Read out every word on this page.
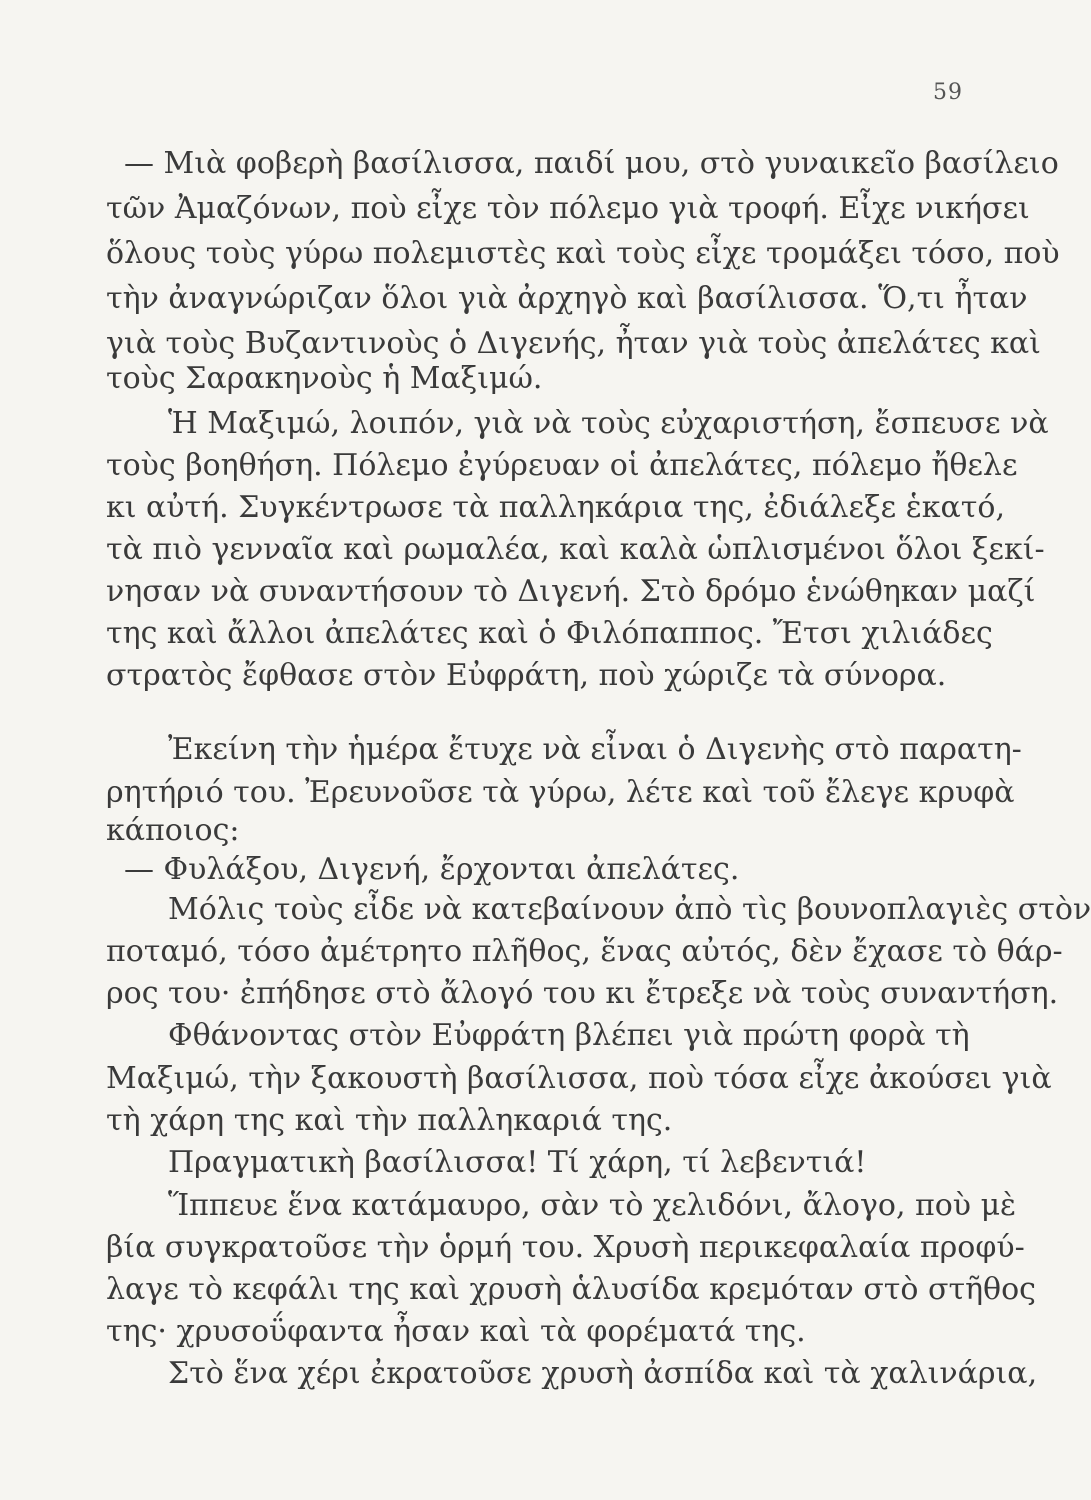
59
— Μιὰ φοβερὴ βασίλισσα, παιδί μου, στὸ γυναικεῖο βασίλειο
τῶν Ἀμαζόνων, ποὺ εἶχε τὸν πόλεμο γιὰ τροφή. Εἶχε νικήσει
ὅλους τοὺς γύρω πολεμιστὲς καὶ τοὺς εἶχε τρομάξει τόσο, ποὺ
τὴν ἀναγνώριζαν ὅλοι γιὰ ἀρχηγὸ καὶ βασίλισσα. Ὅ,τι ἦταν
γιὰ τοὺς Βυζαντινοὺς ὁ Διγενής, ἦταν γιὰ τοὺς ἀπελάτες καὶ
τοὺς Σαρακηνοὺς ἡ Μαξιμώ.
Ἡ Μαξιμώ, λοιπόν, γιὰ νὰ τοὺς εὐχαριστήση, ἔσπευσε νὰ
τοὺς βοηθήση. Πόλεμο ἐγύρευαν οἱ ἀπελάτες, πόλεμο ἤθελε
κι αὐτή. Συγκέντρωσε τὰ παλληκάρια της, ἐδιάλεξε ἑκατό,
τὰ πιὸ γενναῖα καὶ ρωμαλέα, καὶ καλὰ ὡπλισμένοι ὅλοι ξεκί-
νησαν νὰ συναντήσουν τὸ Διγενή. Στὸ δρόμο ἑνώθηκαν μαζί
της καὶ ἄλλοι ἀπελάτες καὶ ὁ Φιλόπαππος. Ἔτσι χιλιάδες
στρατὸς ἔφθασε στὸν Εὐφράτη, ποὺ χώριζε τὰ σύνορα.
Ἐκείνη τὴν ἡμέρα ἔτυχε νὰ εἶναι ὁ Διγενὴς στὸ παρατη-
ρητήριό του. Ἐρευνοῦσε τὰ γύρω, λέτε καὶ τοῦ ἔλεγε κρυφὰ
κάποιος:
— Φυλάξου, Διγενή, ἔρχονται ἀπελάτες.
Μόλις τοὺς εἶδε νὰ κατεβαίνουν ἀπὸ τὶς βουνοπλαγιὲς στὸν
ποταμό, τόσο ἀμέτρητο πλῆθος, ἕνας αὐτός, δὲν ἔχασε τὸ θάρ-
ρος του· ἐπήδησε στὸ ἄλογό του κι ἔτρεξε νὰ τοὺς συναντήση.
Φθάνοντας στὸν Εὐφράτη βλέπει γιὰ πρώτη φορὰ τὴ
Μαξιμώ, τὴν ξακουστὴ βασίλισσα, ποὺ τόσα εἶχε ἀκούσει γιὰ
τὴ χάρη της καὶ τὴν παλληκαριά της.
Πραγματικὴ βασίλισσα! Τί χάρη, τί λεβεντιά!
Ἵππευε ἕνα κατάμαυρο, σὰν τὸ χελιδόνι, ἄλογο, ποὺ μὲ
βία συγκρατοῦσε τὴν ὁρμή του. Χρυσὴ περικεφαλαία προφύ-
λαγε τὸ κεφάλι της καὶ χρυσὴ ἁλυσίδα κρεμόταν στὸ στῆθος
της· χρυσοΰφαντα ἦσαν καὶ τὰ φορέματά της.
Στὸ ἕνα χέρι ἐκρατοῦσε χρυσὴ ἀσπίδα καὶ τὰ χαλινάρια,
